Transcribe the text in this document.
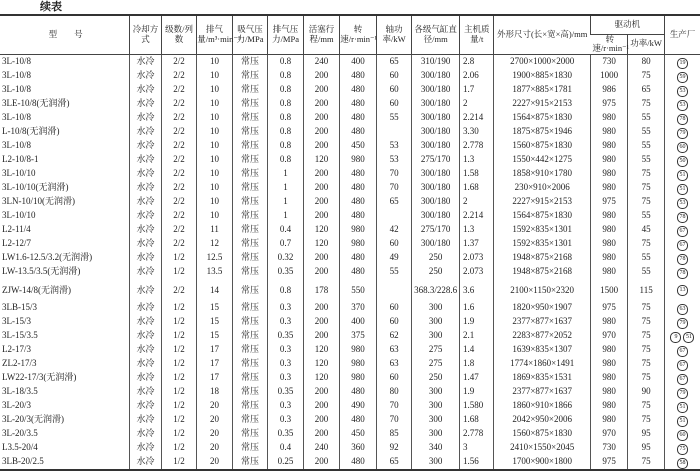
续表
型　　号	冷却方式	级数/列数	排气量/m³·min⁻¹	吸气压力/MPa	排气压力/MPa	活塞行程/mm	转速/r·min⁻¹	轴功率/kW	各级气缸直径/mm	主机质量/t	外形尺寸(长×宽×高)/mm	驱动机		生产厂
												转速/r·min⁻¹	功率/kW	
3L-10/8	水冷	2/2	10	常压	0.8	240	400	65	310/190	2.8	2700×1000×2000	730	80	19
3L-10/8	水冷	2/2	10	常压	0.8	200	480	60	300/180	2.06	1900×885×1830	1000	75	59
3L-10/8	水冷	2/2	10	常压	0.8	200	480	60	300/180	1.7	1877×885×1781	986	65	53
3LE-10/8(无润滑)	水冷	2/2	10	常压	0.8	200	480	60	300/180	2	2227×915×2153	975	75	53
3L-10/8	水冷	2/2	10	常压	0.8	200	480	55	300/180	2.214	1564×875×1830	980	55	78
L-10/8(无润滑)	水冷	2/2	10	常压	0.8	200	480		300/180	3.30	1875×875×1946	980	55	79
3L-10/8	水冷	2/2	10	常压	0.8	200	450	53	300/180	2.778	1560×875×1830	980	55	60
L2-10/8-1	水冷	2/2	10	常压	0.8	120	980	53	275/170	1.3	1550×442×1275	980	55	50
3L-10/10	水冷	2/2	10	常压	1	200	480	70	300/180	1.58	1858×910×1780	980	75	51
3L-10/10(无润滑)	水冷	2/2	10	常压	1	200	480	70	300/180	1.68	230×910×2006	980	75	51
3LN-10/10(无润滑)	水冷	2/2	10	常压	1	200	480	65	300/180	2	2227×915×2153	975	75	53
3L-10/10	水冷	2/2	10	常压	1	200	480		300/180	2.214	1564×875×1830	980	55	78
L2-11/4	水冷	2/2	11	常压	0.4	120	980	42	275/170	1.3	1592×835×1301	980	45	67
L2-12/7	水冷	2/2	12	常压	0.7	120	980	60	300/180	1.37	1592×835×1301	980	75	67
LW1.6-12.5/3.2(无润滑)	水冷	1/2	12.5	常压	0.32	200	480	49	250	2.073	1948×875×2168	980	55	78
LW-13.5/3.5(无润滑)	水冷	1/2	13.5	常压	0.35	200	480	55	250	2.073	1948×875×2168	980	55	78
ZJW-14/8(无润滑)	水冷	2/2	14	常压	0.8	178	550		368.3/228.6	3.6	2100×1150×2320	1500	115	13
3LB-15/3	水冷	1/2	15	常压	0.3	200	370	60	300	1.6	1820×950×1907	975	75	63
3L-15/3	水冷	1/2	15	常压	0.3	200	400	60	300	1.9	2377×877×1637	980	75	79
3L-15/3.5	水冷	1/2	15	常压	0.35	200	375	62	300	2.1	2283×877×2052	970	75	9 51
L2-17/3	水冷	1/2	17	常压	0.3	120	980	63	275	1.4	1639×835×1307	980	75	67
ZL2-17/3	水冷	1/2	17	常压	0.3	120	980	63	275	1.8	1774×1860×1491	980	75	67
LW22-17/3(无润滑)	水冷	1/2	17	常压	0.3	120	980	60	250	1.47	1869×835×1531	980	75	67
3L-18/3.5	水冷	1/2	18	常压	0.35	200	480	80	300	1.9	2377×877×1637	980	90	79
3L-20/3	水冷	1/2	20	常压	0.3	200	490	70	300	1.580	1860×910×1866	980	75	51
3L-20/3(无润滑)	水冷	1/2	20	常压	0.3	200	480	70	300	1.68	2042×950×2006	980	75	51
3L-20/3.5	水冷	1/2	20	常压	0.35	200	450	85	300	2.778	1560×875×1830	970	95	60
L3.5-20/4	水冷	1/2	20	常压	0.4	240	360	92	340	3	2410×1550×2045	730	95	75
3LB-20/2.5	水冷	1/2	20	常压	0.25	200	480	65	300	1.56	1700×900×1800	975	75	58
